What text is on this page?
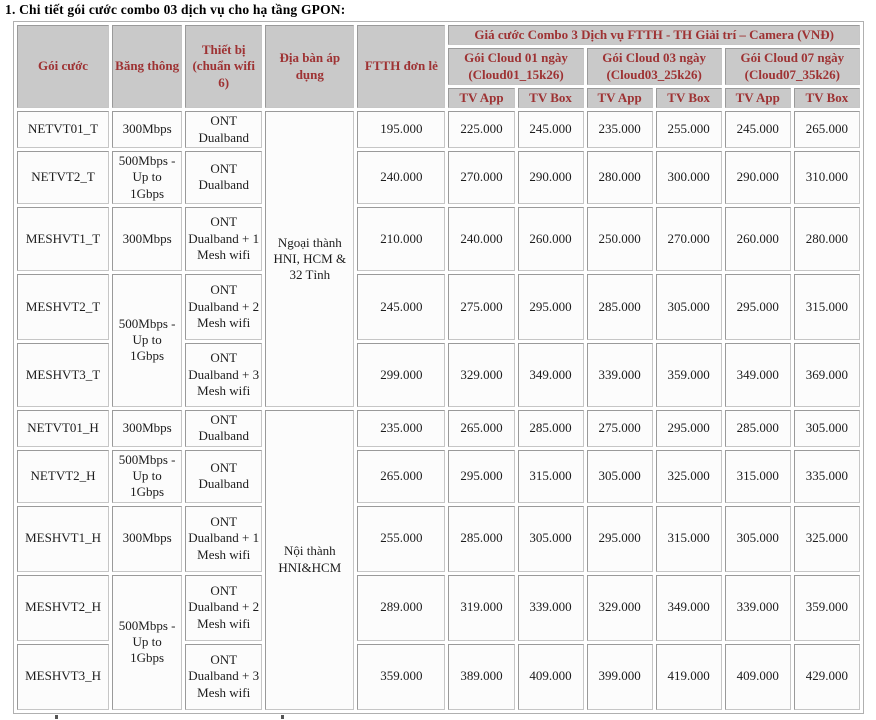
1. Chi tiết gói cước combo 03 dịch vụ cho hạ tầng GPON:
Gói cước	Băng thông	Thiết bị (chuẩn wifi 6)	Địa bàn áp dụng	FTTH đơn lẻ	Giá cước Combo 3 Dịch vụ FTTH - TH Giải trí – Camera (VNĐ)					
					Gói Cloud 01 ngày (Cloud01_15k26)		Gói Cloud 03 ngày (Cloud03_25k26)		Gói Cloud 07 ngày (Cloud07_35k26)	
					TV App	TV Box	TV App	TV Box	TV App	TV Box
NETVT01_T	300Mbps	ONT Dualband	Ngoại thành HNI, HCM & 32 Tỉnh	195.000	225.000	245.000	235.000	255.000	245.000	265.000
NETVT2_T	500Mbps - Up to 1Gbps	ONT Dualband		240.000	270.000	290.000	280.000	300.000	290.000	310.000
MESHVT1_T	300Mbps	ONT Dualband + 1 Mesh wifi		210.000	240.000	260.000	250.000	270.000	260.000	280.000
MESHVT2_T	500Mbps - Up to 1Gbps	ONT Dualband + 2 Mesh wifi		245.000	275.000	295.000	285.000	305.000	295.000	315.000
MESHVT3_T		ONT Dualband + 3 Mesh wifi		299.000	329.000	349.000	339.000	359.000	349.000	369.000
NETVT01_H	300Mbps	ONT Dualband	Nội thành HNI&HCM	235.000	265.000	285.000	275.000	295.000	285.000	305.000
NETVT2_H	500Mbps - Up to 1Gbps	ONT Dualband		265.000	295.000	315.000	305.000	325.000	315.000	335.000
MESHVT1_H	300Mbps	ONT Dualband + 1 Mesh wifi		255.000	285.000	305.000	295.000	315.000	305.000	325.000
MESHVT2_H	500Mbps - Up to 1Gbps	ONT Dualband + 2 Mesh wifi		289.000	319.000	339.000	329.000	349.000	339.000	359.000
MESHVT3_H		ONT Dualband + 3 Mesh wifi		359.000	389.000	409.000	399.000	419.000	409.000	429.000
